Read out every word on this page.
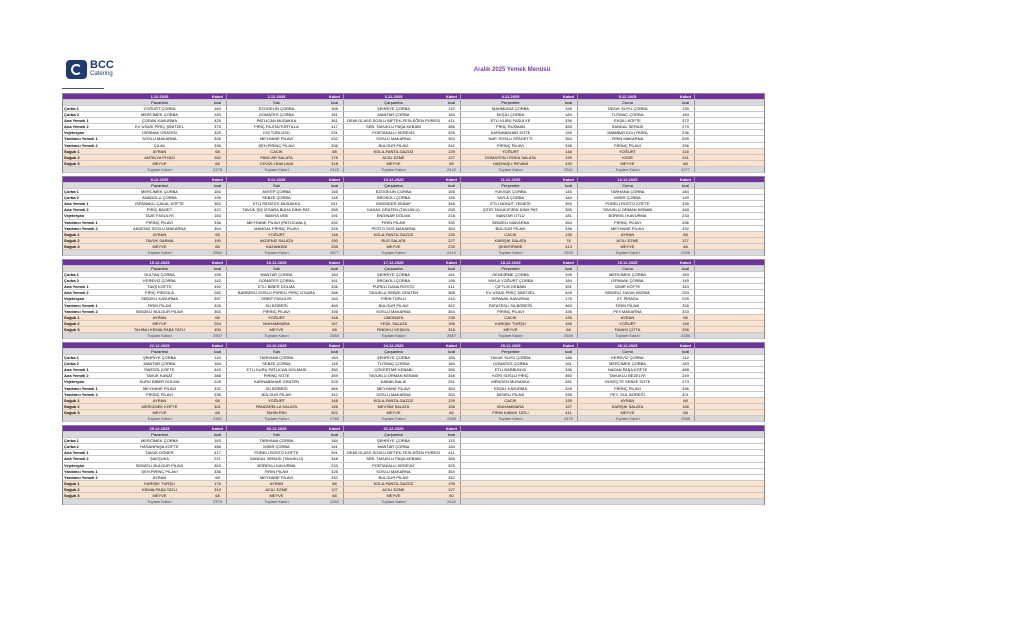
BCC
Catering
Aralık 2025 Yemek Menüsü
1.12.2025	Kalori	2.12.2025	Kalori	3.12.2025	Kalori	4.12.2025	Kalori	5.12.2025	Kalori
Pazartesi	kcal	Salı	kcal	Çarşamba	kcal	Perşembe	kcal	Cuma	kcal
Çorba 1	YOĞURT ÇORBA	184	EZOGELİN ÇORBA	165	ŞEHRİYE ÇORBA	115	MAHMUDİA ÇORBA	195	TAVUK SUYU ÇORBA	135
Çorba 2	MERCİMEK ÇORBA	183	DOMATES ÇORBA	161	MANTAR ÇORBA	184	EKŞİLİ ÇORBA	184	TUTMAÇ ÇORBA	184
Ana Yemek 1	ÇORAN KAVURMA	425	PATLICAN MUSAKKA	361	DEMİ GLASS SOSLU BİFTEK-FESLEĞEN PÜRESİ	411	ETLİ KURU FASULYE	336	EKŞİLİ KÖFTE	372
Ana Yemek 2	EV USASI PİRİÇ ŞİNİTZEL	375	PİRİÇ FAJİTA/TORTİLLA	417	SEB. TAVUKLU PAŞA KEBABI	385	PİRİÇ RUSMAN	455	SANDAL SERASI	279
Vejeteryan	İSPANAK GRATEN	325	KIŞ TÜRLÜSÜ	231	PORTAKALLI KEREVİZ	325	KARNABAHAR SOTE	155	İMAMBAYILDI (YBSN)	236
Yardımcı Yemek 1	SOSLU MAKARNA	326	MEYHANE PİLAVI	332	SOSLU MAKARNA	354	NAP. SOSLU SPAGETTİ	354	FIRIN MAKARNA	535
Yardımcı Yemek 2	ÇİLAV	336	ŞEH.PİRİNÇ PİLAVI	336	BULGUR PİLAVI	342	PİRİNÇ PİLAVI	336	PİRİNÇ PİLAVI	336
Soğuk 1	AYRAN	68	CACIK	68	KOLA-FANTA-GAZOZ	139	YOĞURT	148	YOĞURT	118
Soğuk 2	ANTALYA PİYAZI	162	PANCAR SALATA	178	ACILI EZME	127	DOMATESLİ ROKA SALATA	139	KISIR	241
Soğuk 3	MEYVE	68	CEVİZLİ BAKLAVA	318	MEYVE	60	HAŞHAŞLI REVANİ	430	MEYVE	68
Toplam Kalori	2378	Toplam Kalori	2442	Toplam Kalori	2442	Toplam Kalori	2541	Toplam Kalori	2377
8.12.2025	Kalori	9.12.2025	Kalori	10.12.2025	Kalori	11.12.2025	Kalori	12.12.2025	Kalori
Pazartesi	kcal	Salı	kcal	Çarşamba	kcal	Perşembe	kcal	Cuma	kcal
Çorba 1	MERCİMEK ÇORBA	183	ANTEP ÇORBA	165	EZOGELİN ÇORBA	165	YÜKSÜK ÇORBA	145	TARHANA ÇORBA	184
Çorba 2	ANADOLU ÇORBA	195	SEBZE ÇORBA	145	BROKOLİ ÇORBA	145	YAYLA ÇORBA	184	MISIR ÇORBA	145
Ana Yemek 1	ISPANAKLI ÇAKAL KÖFTE	363	ETLİ PATATES MUSAKKA	511	İSKENDER KEBAP	348	ETLİ NOHUT YEMEĞİ	359	PÜRELİ ROSTO KÖFTE	335
Ana Yemek 2	PİRİÇ BAGET	422	TAVUK ŞİŞ IZGARA BUHA DİNH PAT.	355	KAKAK GRATEN (TAVUKLU)	255	ÇITIR TAVUK/FIRIN DİNH PAT.	355	TAVUKLU ORMAN KEBABI	348
Vejeteryan	TAZE FASULYE	153	BAMYA VEB	191	ENGİNAR DOLMA	218	MANTAR OTLU	181	BÖREKLİ KAVURMA	233
Yardımcı Yemek 1	PİRİNÇ PİLAVI	336	MEYHANE PİLAVI (PATLICANLI)	332	FIRIN PİLAVI	330	SEBZELİ MAKARNA	354	PİRİNÇ PİLAVI	336
Yardımcı Yemek 2	AKDENİZ SOSLU MAKARNA	354	MANGAL PİRİNÇ PİLAVI	325	PESTO SOS MAKARNA	354	BULGUR PİLAVI	336	MEYHANE PİLAVI	332
Soğuk 1	AYRAN	68	YOĞURT	148	KOLA-FANTA-GAZOZ	139	CACIK	135	AYRAN	68
Soğuk 2	TAVUK SARMA	190	AKDENİZ SALATA	150	RUS SALATA	227	KARIŞIK SALATA	76	ACILI EZME	127
Soğuk 3	MEYVE	68	KAZANDİBİ	255	MEYVE	239	ŞEKERPARE	413	MEYVE	68
Toplam Kalori	2564	Toplam Kalori	2577	Toplam Kalori	2414	Toplam Kalori	2533	Toplam Kalori	2395
15.12.2025	Kalori	16.12.2025	Kalori	17.12.2025	Kalori	18.12.2025	Kalori	19.12.2025	Kalori
Pazartesi	kcal	Salı	kcal	Çarşamba	kcal	Perşembe	kcal	Cuma	kcal
Çorba 1	SULTAN ÇORBA	195	MANTAR ÇORBA	184	ŞEHRİYE ÇORBA	161	GENDİRME ÇORBA	199	MERCİMEK ÇORBA	183
Çorba 2	KEREVİZ ÇORBA	142	DOMATES ÇORBA	161	BROKOLİ ÇORBA	195	YAYLA YOĞURT ÇORBA	184	ISPANAK ÇORBA	145
Ana Yemek 1	TAVŞ KÖFTE	492	ETLİ BİBER DOLMA	336	PÜRELİ DANA ROSTO	411	ÇİFTLİK KEBABI	391	İZMİR KÖFTE	343
Ana Yemek 2	PİRİÇ PİRZOLA	282	BARBEKÜ SOSLU PÜRELİ PİRİÇ IZGARA	388	TAVUKLU SEBZE GRATEN	368	EV USASI PİRİÇ ŞİNİTZEL	426	SEBZELİ TAVUK BİZİNİE	253
Vejeteryan	SEBZELİ KAVURMA	397	ORBİT FASULYE	153	FIRIN TÜRLÜ	243	ISPANAK KAVURMA	176	ZY. PIRASA	225
Yardımcı Yemek 1	FIRIN PİLAVI	326	SU BÖREĞİ	469	BULGUR PİLAVI	342	PATATESLİ SA BÖREĞİ	469	FIRIN PİLAVI	326
Yardımcı Yemek 2	SEBZELİ BULGUR PİLAVI	353	PİRİNÇ PİLAVI	336	SOSLU MAKARNA	354	PİRİNÇ PİLAVI	336	PEY.MAKARNA	333
Soğuk 1	AYRAN	68	YOĞURT	148	LİMONATA	139	CACIK	135	AYRAN	68
Soğuk 2	MEYVE	254	MUHAMMARA	157	YEŞİL SALATA	156	KARIŞIK TURŞU	156	YOĞURT	148
Soğuk 3	TAHİNLİ KEMALPAŞA TATLI	400	MEYVE	68	FINDIKLI KEŞKÜL	318	MEYVE	68	FAVASI ÇİTTA	256
Toplam Kalori	2907	Toplam Kalori	2584	Toplam Kalori	2687	Toplam Kalori	2540	Toplam Kalori	2280
22.12.2025	Kalori	23.12.2025	Kalori	24.12.2025	Kalori	25.12.2025	Kalori	26.12.2025	Kalori
Pazartesi	kcal	Salı	kcal	Çarşamba	kcal	Perşembe	kcal	Cuma	kcal
Çorba 1	ŞEHRİYE ÇORBA	115	TARHANA ÇORBA	184	ŞEHRİYE ÇORBA	184	TAVUK SUYU ÇORBA	186	KEREVİZ ÇORBA	142
Çorba 2	MANTAR ÇORBA	184	SEBZE ÇORBA	145	TUTMAÇ ÇORBA	184	DOMATES ÇORBA	161	MERCİMEK ÇORBA	183
Ana Yemek 1	PARSÖL KÖFTE	443	ETLİ KURU PATLICAN DOLMASI	350	ÇÖKERTME KEBABI	350	ETLİ BARBUNYA	336	HASAN PAŞA KÖFTE	488
Ana Yemek 2	TAVUK KANAT	288	PİRİNÇ SOTE	359	TAVUKLU ORMAN KEBABI	348	KÖRİ SOSLU PİRİÇ	350	TAVUKLU BEZELYE	249
Vejeteryan	KURU BİBER DOLMA	226	KARNABAHAR GRATEN	325	KABAK BALIK	251	MENGEN MUSAKKA	281	GÜVEÇTE SEBZE SOTE	274
Yardımcı Yemek 1	MEYHANE PİLAVI	332	SU BÖREĞİ	469	MEYHANE PİLAVI	354	EKŞİLİ KAVURMA	326	PİRİNÇ PİLAVI	336
Yardımcı Yemek 2	PİRİNÇ PİLAVI	336	BULGUR PİLAVI	342	SOSLU MAKARNA	354	MISIRLI PİLAVI	336	PEY. GÜL BÖREĞİ	421
Soğuk 1	AYRAN	68	YOĞURT	148	KOLA-FANTA-GAZOZ	139	CACIK	135	AYRAN	68
Soğuk 2	MERCİMEK KÖFTE	301	PANZARELLA SALATA	156	MEVSİM SALATA	156	MUHAMMARA	157	KARIŞIK SALATA	156
Soğuk 3	MEYVE	68	TAHİN REK	302	MEYVE	60	FIRIN KABAK TATLI	411	MEYVE	68
Toplam Kalori	2361	Toplam Kalori	2780	Toplam Kalori	2380	Toplam Kalori	2479	Toplam Kalori	2385
29.12.2025	Kalori	30.12.2025	Kalori	31.12.2025	Kalori
Pazartesi	kcal	Salı	kcal	Çarşamba	kcal
Çorba 1	MERCİMEK ÇORBA	183	TARHANA ÇORBA	184	ŞEHRİYE ÇORBA	115
Çorba 2	HASANPAŞA KÖFTE	488	MISIR ÇORBA	161	MANTAR ÇORBA	184
Ana Yemek 1	TAVUK DÖNER	417	PÜRELİ ROSTO KÖFTE	391	DEMİ GLASS SOSLU BİFTEK-FESLEĞEN PÜRESİ	411
Ana Yemek 2	ŞAKŞUKA	221	SANDAL SERASI (TAVUKLU)	348	SEB. TAVUKLU PAŞA KEBABI	385
Vejeteryan	SEBZELİ BULGUR PİLAVI	353	BÖREKLİ KAVURMA	233	PORTAKALLI KEREVİZ	325
Yardımcı Yemek 1	ŞEH.PİRİNÇ PİLAVI	336	FIRIN PİLAVI	326	SOSLU MAKARNA	354
Yardımcı Yemek 2	AYRAN	68	MEYHANE PİLAVI	332	BULGUR PİLAVI	342
Soğuk 1	KARIŞIK TURŞU	176	AYRAN	68	KOLA-FANTA-GAZOZ	139
Soğuk 2	KEMALPAŞA TATLI	319	ACILI EZME	127	ACILI EZME	127
Soğuk 3	MEYVE	68	MEYVE	68	MEYVE	60
Toplam Kalori	2379	Toplam Kalori	2282	Toplam Kalori	2442
